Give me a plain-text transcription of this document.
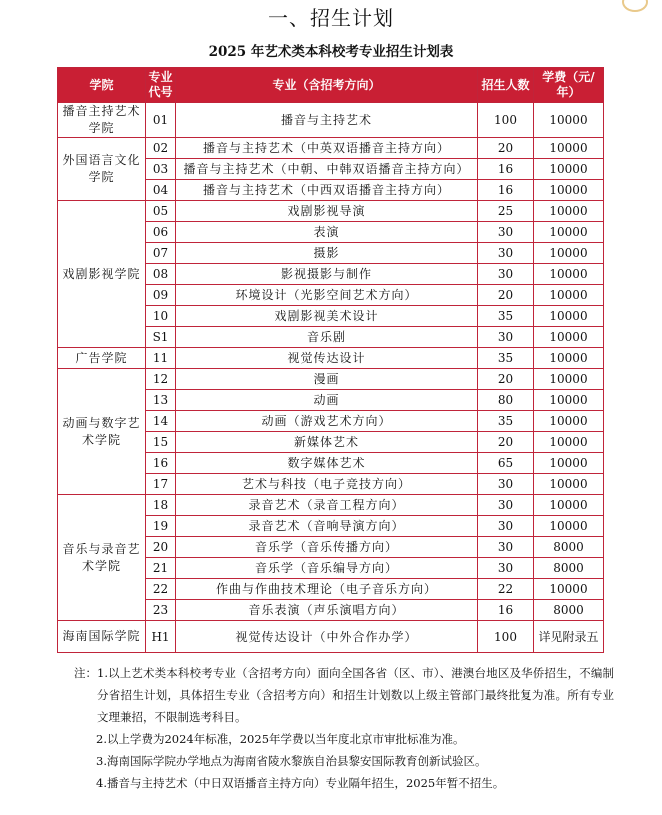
一、招生计划
2025 年艺术类本科校考专业招生计划表
学院	专业代号	专业（含招考方向）	招生人数	学费（元/年）
播音主持艺术学院	01	播音与主持艺术	100	10000
外国语言文化学院	02	播音与主持艺术（中英双语播音主持方向）	20	10000
	03	播音与主持艺术（中朝、中韩双语播音主持方向）	16	10000
	04	播音与主持艺术（中西双语播音主持方向）	16	10000
戏剧影视学院	05	戏剧影视导演	25	10000
	06	表演	30	10000
	07	摄影	30	10000
	08	影视摄影与制作	30	10000
	09	环境设计（光影空间艺术方向）	20	10000
	10	戏剧影视美术设计	35	10000
	S1	音乐剧	30	10000
广告学院	11	视觉传达设计	35	10000
动画与数字艺术学院	12	漫画	20	10000
	13	动画	80	10000
	14	动画（游戏艺术方向）	35	10000
	15	新媒体艺术	20	10000
	16	数字媒体艺术	65	10000
	17	艺术与科技（电子竞技方向）	30	10000
音乐与录音艺术学院	18	录音艺术（录音工程方向）	30	10000
	19	录音艺术（音响导演方向）	30	10000
	20	音乐学（音乐传播方向）	30	8000
	21	音乐学（音乐编导方向）	30	8000
	22	作曲与作曲技术理论（电子音乐方向）	22	10000
	23	音乐表演（声乐演唱方向）	16	8000
海南国际学院	H1	视觉传达设计（中外合作办学）	100	详见附录五
注： 1.以上艺术类本科校考专业（含招考方向）面向全国各省（区、市）、港澳台地区及华侨招生，不编制分省招生计划，具体招生专业（含招考方向）和招生计划数以上级主管部门最终批复为准。所有专业文理兼招，不限制选考科目。
2.以上学费为2024年标准，2025年学费以当年度北京市审批标准为准。
3.海南国际学院办学地点为海南省陵水黎族自治县黎安国际教育创新试验区。
4.播音与主持艺术（中日双语播音主持方向）专业隔年招生，2025年暂不招生。
